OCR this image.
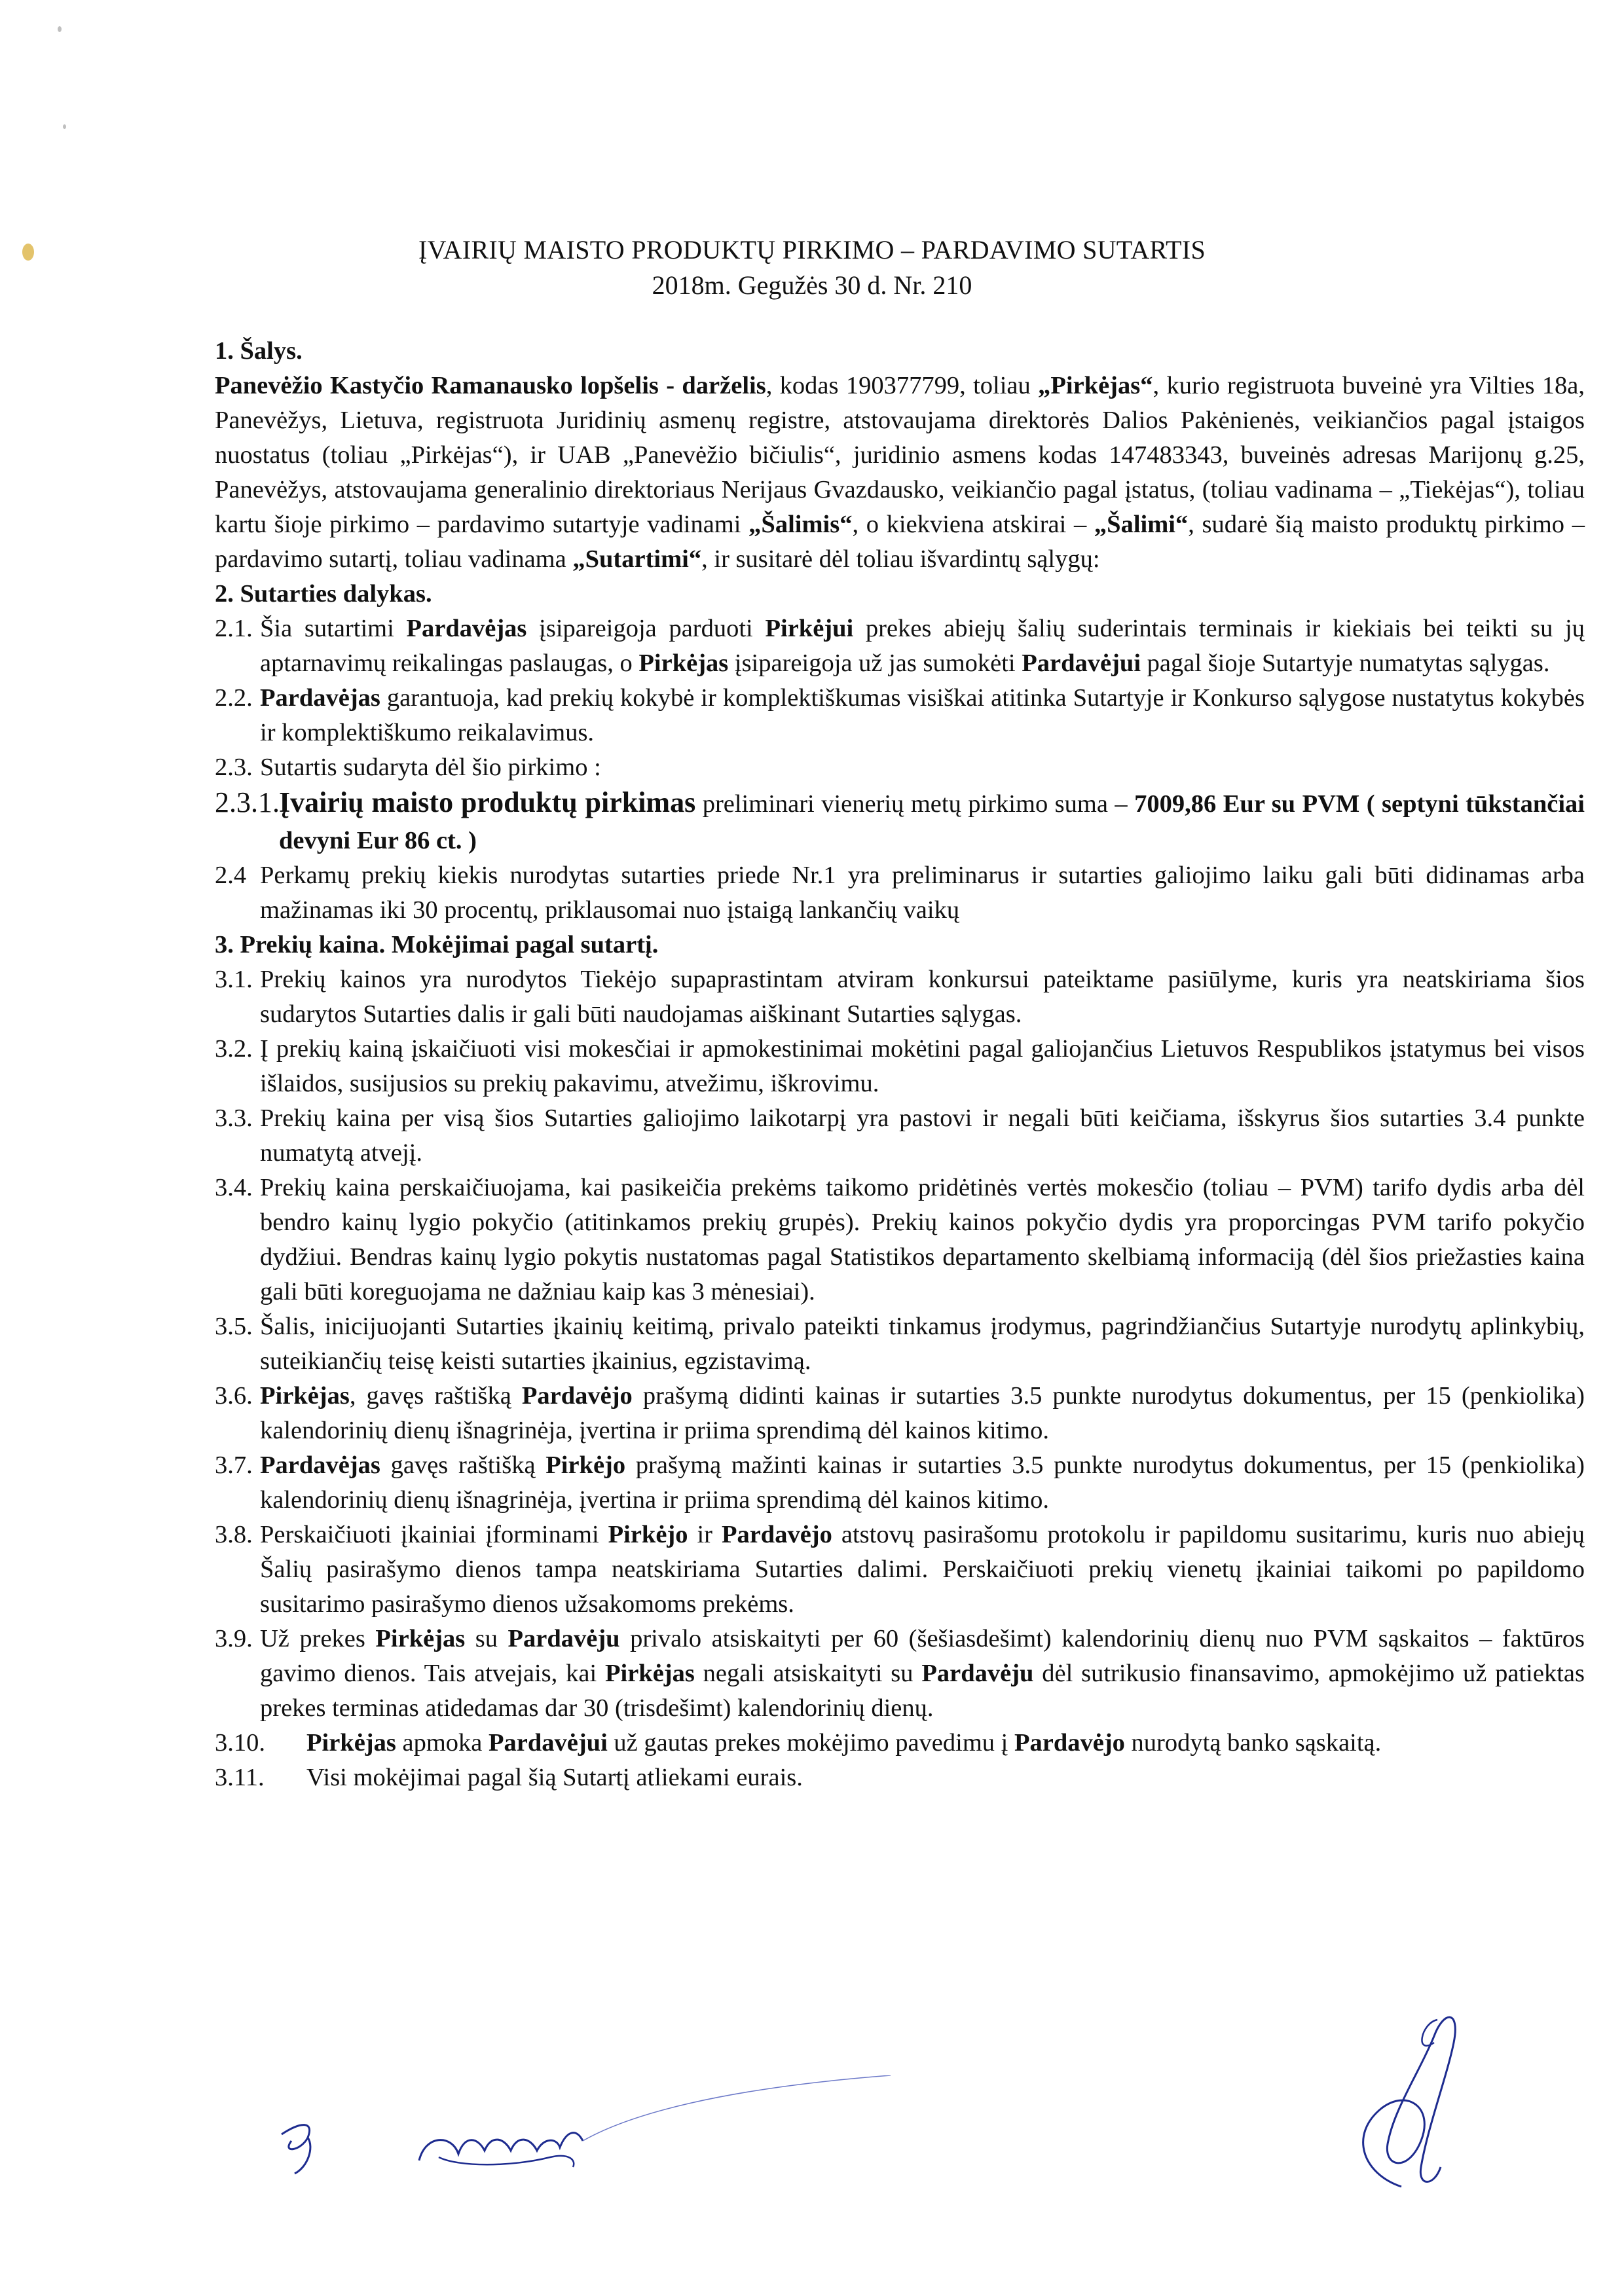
ĮVAIRIŲ MAISTO PRODUKTŲ PIRKIMO – PARDAVIMO SUTARTIS
2018m. Gegužės 30 d. Nr. 210

1. Šalys.

Panevėžio Kastyčio Ramanausko lopšelis - darželis, kodas 190377799, toliau „Pirkėjas“, kurio registruota buveinė yra Vilties 18a, Panevėžys, Lietuva, registruota Juridinių asmenų registre, atstovaujama direktorės Dalios Pakėnienės, veikiančios pagal įstaigos nuostatus (toliau „Pirkėjas“), ir UAB „Panevėžio bičiulis“, juridinio asmens kodas 147483343, buveinės adresas Marijonų g.25, Panevėžys, atstovaujama generalinio direktoriaus Nerijaus Gvazdausko, veikiančio pagal įstatus, (toliau vadinama – „Tiekėjas“), toliau kartu šioje pirkimo – pardavimo sutartyje vadinami „Šalimis“, o kiekviena atskirai – „Šalimi“, sudarė šią maisto produktų pirkimo – pardavimo sutartį, toliau vadinama „Sutartimi“, ir susitarė dėl toliau išvardintų sąlygų:

2. Sutarties dalykas.

2.1. Šia sutartimi Pardavėjas įsipareigoja parduoti Pirkėjui prekes abiejų šalių suderintais terminais ir kiekiais bei teikti su jų aptarnavimų reikalingas paslaugas, o Pirkėjas įsipareigoja už jas sumokėti Pardavėjui pagal šioje Sutartyje numatytas sąlygas.
2.2. Pardavėjas garantuoja, kad prekių kokybė ir komplektiškumas visiškai atitinka Sutartyje ir Konkurso sąlygose nustatytus kokybės ir komplektiškumo reikalavimus.
2.3. Sutartis sudaryta dėl šio pirkimo :
2.3.1. Įvairių maisto produktų pirkimas preliminari vienerių metų pirkimo suma – 7009,86 Eur su PVM ( septyni tūkstančiai devyni Eur 86 ct. )
2.4 Perkamų prekių kiekis nurodytas sutarties priede Nr.1 yra preliminarus ir sutarties galiojimo laiku gali būti didinamas arba mažinamas iki 30 procentų, priklausomai nuo įstaigą lankančių vaikų

3. Prekių kaina. Mokėjimai pagal sutartį.

3.1. Prekių kainos yra nurodytos Tiekėjo supaprastintam atviram konkursui pateiktame pasiūlyme, kuris yra neatskiriama šios sudarytos Sutarties dalis ir gali būti naudojamas aiškinant Sutarties sąlygas.
3.2. Į prekių kainą įskaičiuoti visi mokesčiai ir apmokestinimai mokėtini pagal galiojančius Lietuvos Respublikos įstatymus bei visos išlaidos, susijusios su prekių pakavimu, atvežimu, iškrovimu.
3.3. Prekių kaina per visą šios Sutarties galiojimo laikotarpį yra pastovi ir negali būti keičiama, išskyrus šios sutarties 3.4 punkte numatytą atvejį.
3.4. Prekių kaina perskaičiuojama, kai pasikeičia prekėms taikomo pridėtinės vertės mokesčio (toliau – PVM) tarifo dydis arba dėl bendro kainų lygio pokyčio (atitinkamos prekių grupės). Prekių kainos pokyčio dydis yra proporcingas PVM tarifo pokyčio dydžiui. Bendras kainų lygio pokytis nustatomas pagal Statistikos departamento skelbiamą informaciją (dėl šios priežasties kaina gali būti koreguojama ne dažniau kaip kas 3 mėnesiai).
3.5. Šalis, inicijuojanti Sutarties įkainių keitimą, privalo pateikti tinkamus įrodymus, pagrindžiančius Sutartyje nurodytų aplinkybių, suteikiančių teisę keisti sutarties įkainius, egzistavimą.
3.6. Pirkėjas, gavęs raštišką Pardavėjo prašymą didinti kainas ir sutarties 3.5 punkte nurodytus dokumentus, per 15 (penkiolika) kalendorinių dienų išnagrinėja, įvertina ir priima sprendimą dėl kainos kitimo.
3.7. Pardavėjas gavęs raštišką Pirkėjo prašymą mažinti kainas ir sutarties 3.5 punkte nurodytus dokumentus, per 15 (penkiolika) kalendorinių dienų išnagrinėja, įvertina ir priima sprendimą dėl kainos kitimo.
3.8. Perskaičiuoti įkainiai įforminami Pirkėjo ir Pardavėjo atstovų pasirašomu protokolu ir papildomu susitarimu, kuris nuo abiejų Šalių pasirašymo dienos tampa neatskiriama Sutarties dalimi. Perskaičiuoti prekių vienetų įkainiai taikomi po papildomo susitarimo pasirašymo dienos užsakomoms prekėms.
3.9. Už prekes Pirkėjas su Pardavėju privalo atsiskaityti per 60 (šešiasdešimt) kalendorinių dienų nuo PVM sąskaitos – faktūros gavimo dienos. Tais atvejais, kai Pirkėjas negali atsiskaityti su Pardavėju dėl sutrikusio finansavimo, apmokėjimo už patiektas prekes terminas atidedamas dar 30 (trisdešimt) kalendorinių dienų.
3.10.	Pirkėjas apmoka Pardavėjui už gautas prekes mokėjimo pavedimu į Pardavėjo nurodytą banko sąskaitą.
3.11.	Visi mokėjimai pagal šią Sutartį atliekami eurais.
